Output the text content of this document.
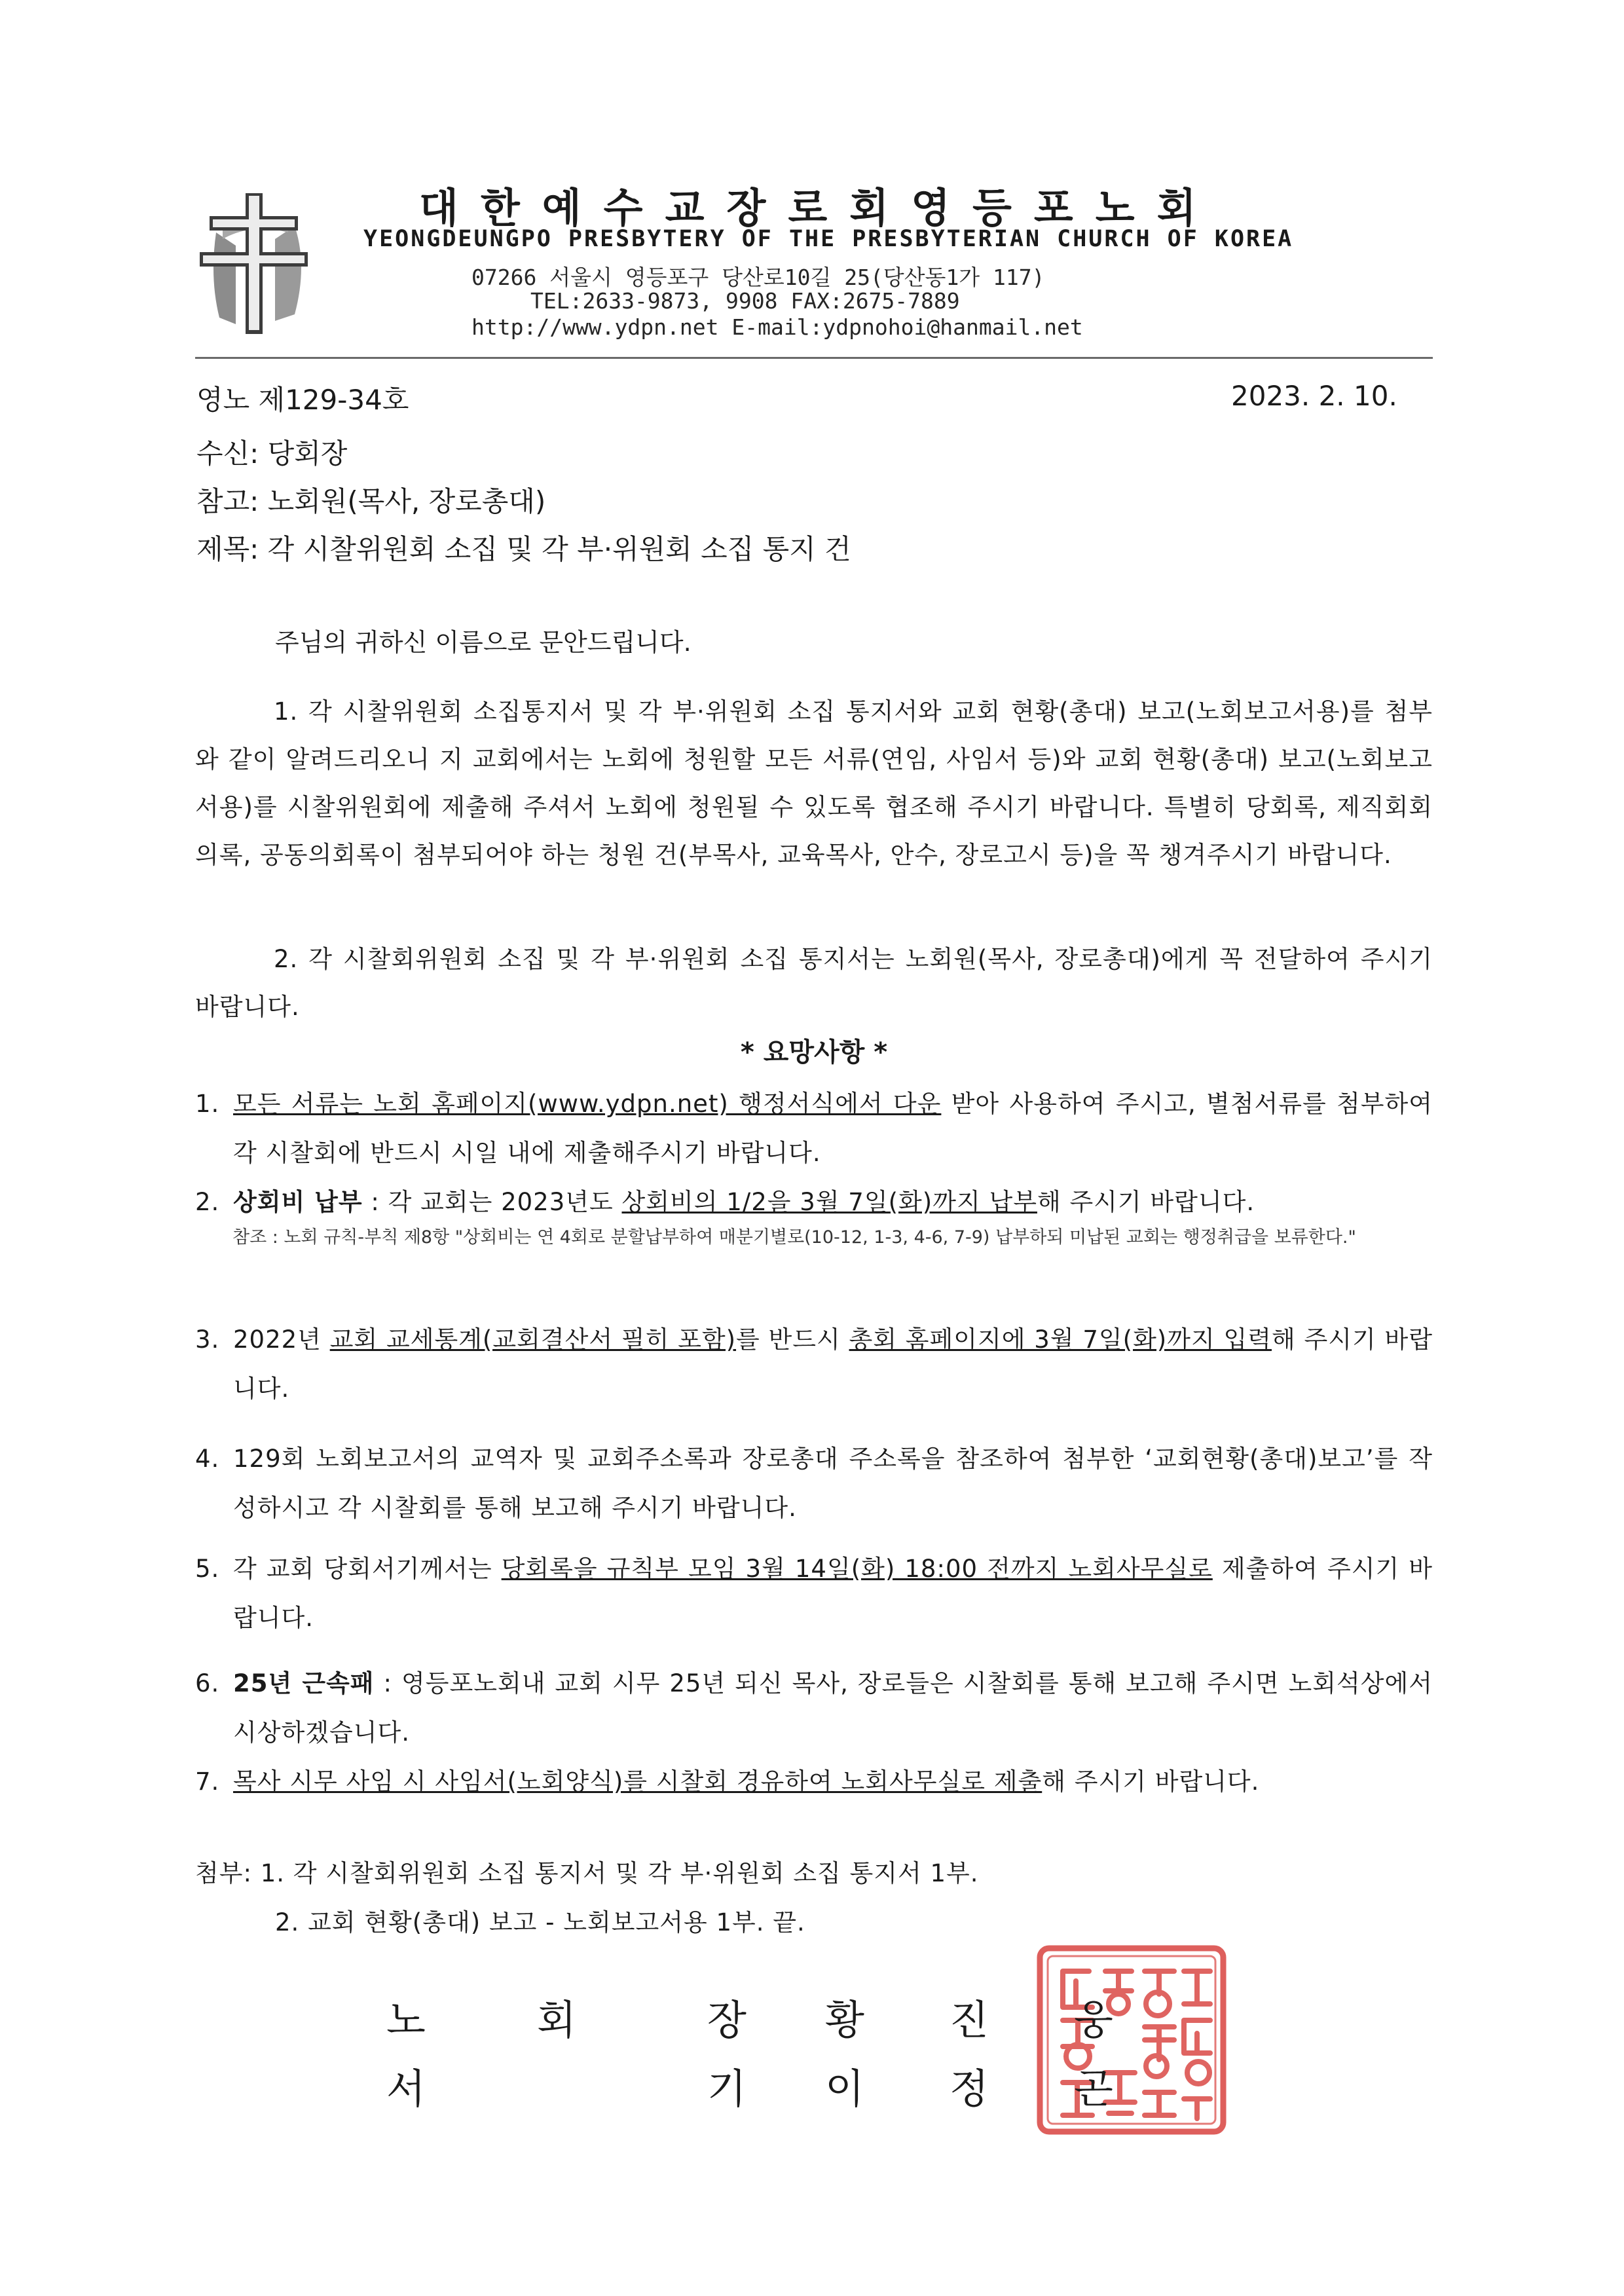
대한예수교장로회영등포노회
YEONGDEUNGPO PRESBYTERY OF THE PRESBYTERIAN CHURCH OF KOREA
07266 서울시 영등포구 당산로10길 25(당산동1가 117)
TEL:2633-9873, 9908 FAX:2675-7889
http://www.ydpn.net E-mail:ydpnohoi@hanmail.net
영노 제129-34호	2023. 2. 10.
수신: 당회장
참고: 노회원(목사, 장로총대)
제목: 각 시찰위원회 소집 및 각 부·위원회 소집 통지 건
주님의 귀하신 이름으로 문안드립니다.
1. 각 시찰위원회 소집통지서 및 각 부·위원회 소집 통지서와 교회 현황(총대) 보고(노회보고서용)를 첨부와 같이 알려드리오니 지 교회에서는 노회에 청원할 모든 서류(연임, 사임서 등)와 교회 현황(총대) 보고(노회보고서용)를 시찰위원회에 제출해 주셔서 노회에 청원될 수 있도록 협조해 주시기 바랍니다. 특별히 당회록, 제직회회의록, 공동의회록이 첨부되어야 하는 청원 건(부목사, 교육목사, 안수, 장로고시 등)을 꼭 챙겨주시기 바랍니다.
2. 각 시찰회위원회 소집 및 각 부·위원회 소집 통지서는 노회원(목사, 장로총대)에게 꼭 전달하여 주시기 바랍니다.
* 요망사항 *
1. 모든 서류는 노회 홈페이지(www.ydpn.net) 행정서식에서 다운 받아 사용하여 주시고, 별첨서류를 첨부하여 각 시찰회에 반드시 시일 내에 제출해주시기 바랍니다.
2. 상회비 납부 : 각 교회는 2023년도 상회비의 1/2을 3월 7일(화)까지 납부해 주시기 바랍니다.
참조 : 노회 규칙-부칙 제8항 "상회비는 연 4회로 분할납부하여 매분기별로(10-12, 1-3, 4-6, 7-9) 납부하되 미납된 교회는 행정취급을 보류한다."
3. 2022년 교회 교세통계(교회결산서 필히 포함)를 반드시 총회 홈페이지에 3월 7일(화)까지 입력해 주시기 바랍니다.
4. 129회 노회보고서의 교역자 및 교회주소록과 장로총대 주소록을 참조하여 첨부한 ‘교회현황(총대)보고’를 작성하시고 각 시찰회를 통해 보고해 주시기 바랍니다.
5. 각 교회 당회서기께서는 당회록을 규칙부 모임 3월 14일(화) 18:00 전까지 노회사무실로 제출하여 주시기 바랍니다.
6. 25년 근속패 : 영등포노회내 교회 시무 25년 되신 목사, 장로들은 시찰회를 통해 보고해 주시면 노회석상에서 시상하겠습니다.
7. 목사 시무 사임 시 사임서(노회양식)를 시찰회 경유하여 노회사무실로 제출해 주시기 바랍니다.
첨부: 1. 각 시찰회위원회 소집 통지서 및 각 부·위원회 소집 통지서 1부.
2. 교회 현황(총대) 보고 - 노회보고서용 1부. 끝.
노	회	장 황 진 웅
서	기 이 정 곤
